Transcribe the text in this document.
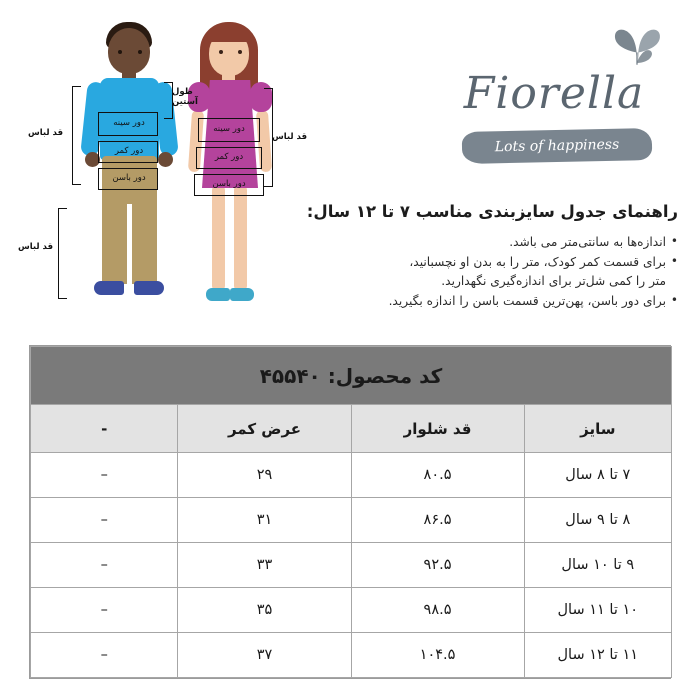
طول آستین
قد لباس
قد لباس
دور سینه
دور کمر
دور باسن
دور سینه
دور کمر
دور باسن
قد لباس
Fiorella
Lots of happiness
راهنمای جدول سایزبندی مناسب ۷ تا ۱۲ سال:
• اندازه‌ها به سانتی‌متر می باشد.
• برای قسمت کمر کودک، متر را به بدن او نچسبانید،
متر را کمی شل‌تر برای اندازه‌گیری نگهدارید.
• برای دور باسن، پهن‌ترین قسمت باسن را اندازه بگیرید.
کد محصول: ۴۵۵۴۰			
سایز	قد شلوار	عرض کمر	-
۷ تا ۸ سال	۸۰.۵	۲۹	–
۸ تا ۹ سال	۸۶.۵	۳۱	–
۹ تا ۱۰ سال	۹۲.۵	۳۳	–
۱۰ تا ۱۱ سال	۹۸.۵	۳۵	–
۱۱ تا ۱۲ سال	۱۰۴.۵	۳۷	–
